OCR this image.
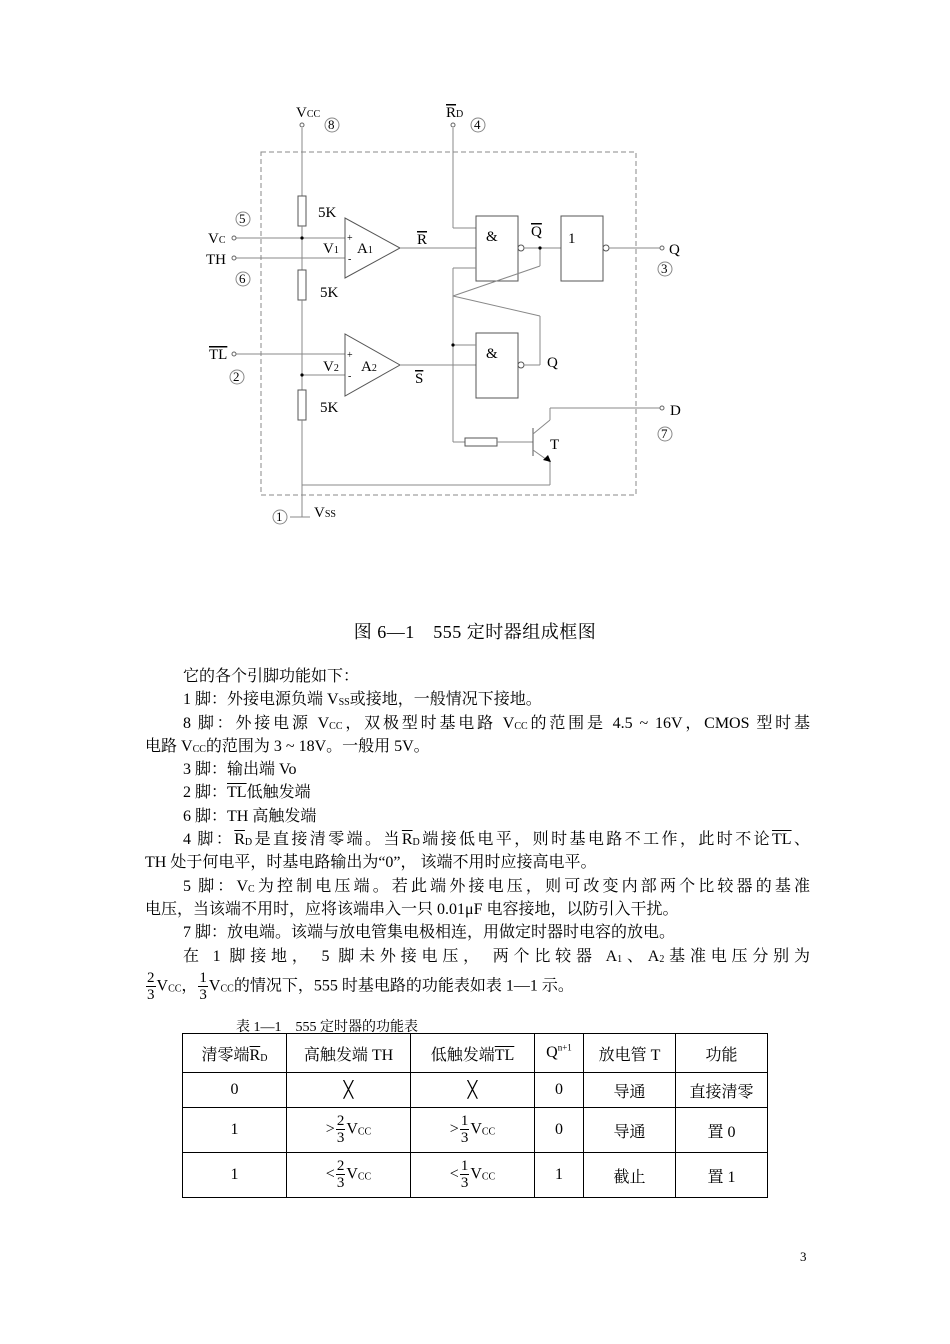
VCC
8
RD
4
5
VC
TH
6
TL
2
1 VSS
5K
5K
5K
V1
V2
+
-
A1
+
-
A2
R
S
&
&
1
Q
Q
Q
3
D
7
T
图 6—1　555 定时器组成框图

它的各个引脚功能如下：

1 脚：外接电源负端 $V_{SS}$或接地，一般情况下接地。

8 脚：外接电源 $V_{CC}$，双极型时基电路 $V_{CC}$的范围是 4.5 ~ 16V，CMOS 型时基

电路 $V_{CC}$的范围为 3 ~ 18V。一般用 5V。

3 脚：输出端 Vo

2 脚：$\overline{TL}$低触发端

6 脚：TH 高触发端

4 脚：$\overline{R}_D$是直接清零端。当$\overline{R}_D$端接低电平，则时基电路不工作，此时不论$\overline{TL}$、

TH 处于何电平，时基电路输出为“0”， 该端不用时应接高电平。

5 脚：$V_C$为控制电压端。若此端外接电压，则可改变内部两个比较器的基准

电压，当该端不用时，应将该端串入一只 0.01μF 电容接地，以防引入干扰。

7 脚：放电端。该端与放电管集电极相连，用做定时器时电容的放电。

在 1 脚接地， 5 脚未外接电压， 两个比较器 $A_1$、$A_2$基准电压分别为

$\frac{2}{3} V_{CC}$， $\frac{1}{3} V_{CC}$的情况下，555 时基电路的功能表如表 1—1 示。

表 1—1　555 定时器的功能表
清零端$\overline{R}_D$	高触发端 TH	低触发端$\overline{TL}$	$Q^{n+1}$	放电管 T	功能
0	╳	╳	0	导通	直接清零
1	> $\frac{2}{3} V_{CC}$	> $\frac{1}{3} V_{CC}$	0	导通	置 0
1	< $\frac{2}{3} V_{CC}$	< $\frac{1}{3} V_{CC}$	1	截止	置 1
3
